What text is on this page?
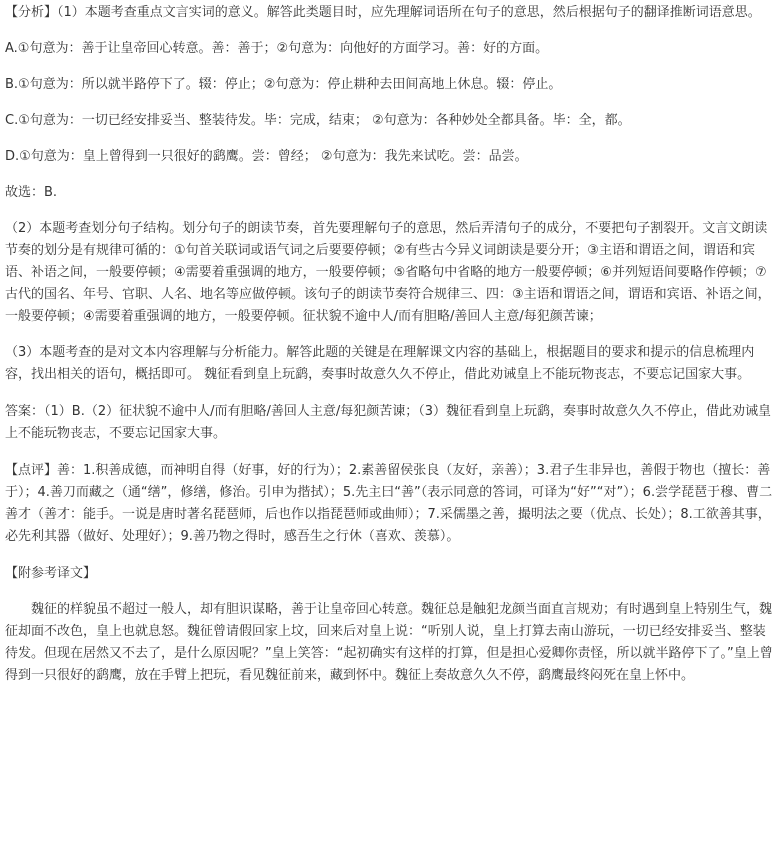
【分析】（1）本题考查重点文言实词的意义。解答此类题目时，应先理解词语所在句子的意思，然后根据句子的翻译推断词语意思。

A.①句意为：善于让皇帝回心转意。善：善于；②句意为：向他好的方面学习。善：好的方面。

B.①句意为：所以就半路停下了。辍：停止；②句意为：停止耕种去田间高地上休息。辍：停止。

C.①句意为：一切已经安排妥当、整装待发。毕：完成，结束； ②句意为：各种妙处全都具备。毕：全，都。

D.①句意为：皇上曾得到一只很好的鹞鹰。尝：曾经； ②句意为：我先来试吃。尝：品尝。

故选：B.

（2）本题考查划分句子结构。划分句子的朗读节奏，首先要理解句子的意思，然后弄清句子的成分，不要把句子割裂开。文言文朗读节奏的划分是有规律可循的：①句首关联词或语气词之后要要停顿；②有些古今异义词朗读是要分开；③主语和谓语之间，谓语和宾语、补语之间，一般要停顿；④需要着重强调的地方，一般要停顿；⑤省略句中省略的地方一般要停顿；⑥并列短语间要略作停顿；⑦古代的国名、年号、官职、人名、地名等应做停顿。该句子的朗读节奏符合规律三、四：③主语和谓语之间，谓语和宾语、补语之间，一般要停顿；④需要着重强调的地方，一般要停顿。征状貌不逾中人/而有胆略/善回人主意/每犯颜苦谏；

（3）本题考查的是对文本内容理解与分析能力。解答此题的关键是在理解课文内容的基础上，根据题目的要求和提示的信息梳理内容，找出相关的语句，概括即可。 魏征看到皇上玩鹞，奏事时故意久久不停止，借此劝诫皇上不能玩物丧志，不要忘记国家大事。

答案：（1）B.（2）征状貌不逾中人/而有胆略/善回人主意/每犯颜苦谏；（3）魏征看到皇上玩鹞，奏事时故意久久不停止，借此劝诫皇上不能玩物丧志，不要忘记国家大事。

【点评】善：1.积善成德，而神明自得（好事，好的行为）；2.素善留侯张良（友好，亲善）；3.君子生非异也，善假于物也（擅长：善于）；4.善刀而藏之（通“缮”，修缮，修治。引申为揩拭）；5.先主曰“善”（表示同意的答词，可译为“好”“对”）；6.尝学琵琶于穆、曹二善才（善才：能手。一说是唐时著名琵琶师，后也作以指琵琶师或曲师）；7.采儒墨之善，撮明法之要（优点、长处）；8.工欲善其事，必先利其器（做好、处理好）；9.善乃物之得时，感吾生之行休（喜欢、羡慕）。

【附参考译文】

魏征的样貌虽不超过一般人，却有胆识谋略，善于让皇帝回心转意。魏征总是触犯龙颜当面直言规劝；有时遇到皇上特别生气，魏征却面不改色，皇上也就息怒。魏征曾请假回家上坟，回来后对皇上说：“听别人说，皇上打算去南山游玩，一切已经安排妥当、整装待发。但现在居然又不去了，是什么原因呢？”皇上笑答：“起初确实有这样的打算，但是担心爱卿你责怪，所以就半路停下了。”皇上曾得到一只很好的鹞鹰，放在手臂上把玩，看见魏征前来，藏到怀中。魏征上奏故意久久不停，鹞鹰最终闷死在皇上怀中。
